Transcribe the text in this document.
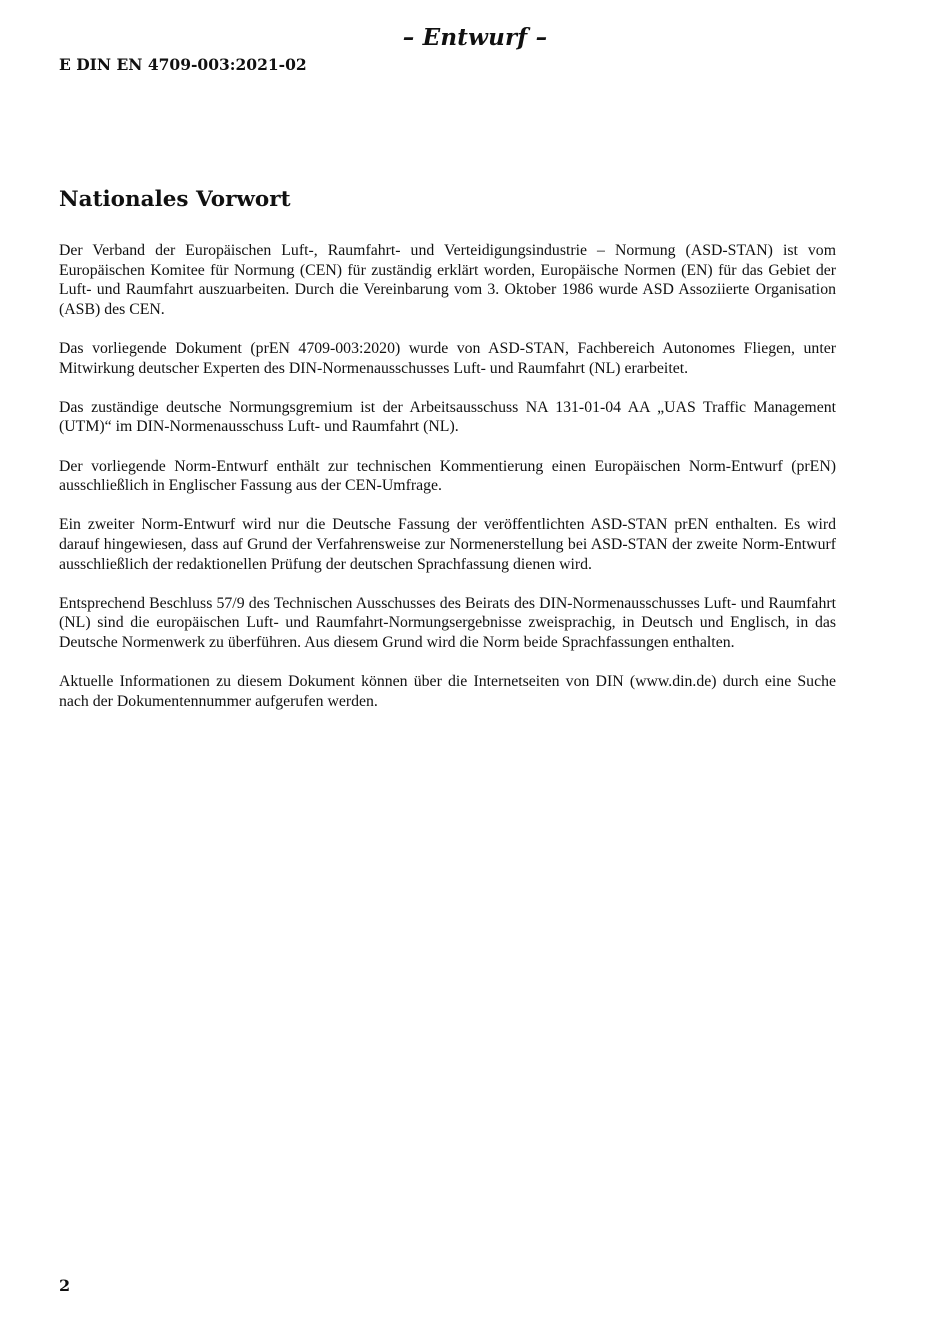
– Entwurf –
E DIN EN 4709-003:2021-02
Nationales Vorwort

Der Verband der Europäischen Luft-, Raumfahrt- und Verteidigungsindustrie – Normung (ASD-STAN) ist vom Europäischen Komitee für Normung (CEN) für zuständig erklärt worden, Europäische Normen (EN) für das Gebiet der Luft- und Raumfahrt auszuarbeiten. Durch die Vereinbarung vom 3. Oktober 1986 wurde ASD Assoziierte Organisation (ASB) des CEN.

Das vorliegende Dokument (prEN 4709-003:2020) wurde von ASD-STAN, Fachbereich Autonomes Fliegen, unter Mitwirkung deutscher Experten des DIN-Normenausschusses Luft- und Raumfahrt (NL) erarbeitet.

Das zuständige deutsche Normungsgremium ist der Arbeitsausschuss NA 131-01-04 AA „UAS Traffic Management (UTM)“ im DIN-Normenausschuss Luft- und Raumfahrt (NL).

Der vorliegende Norm-Entwurf enthält zur technischen Kommentierung einen Europäischen Norm-Entwurf (prEN) ausschließlich in Englischer Fassung aus der CEN-Umfrage.

Ein zweiter Norm-Entwurf wird nur die Deutsche Fassung der veröffentlichten ASD-STAN prEN enthalten. Es wird darauf hingewiesen, dass auf Grund der Verfahrensweise zur Normenerstellung bei ASD-STAN der zweite Norm-Entwurf ausschließlich der redaktionellen Prüfung der deutschen Sprachfassung dienen wird.

Entsprechend Beschluss 57/9 des Technischen Ausschusses des Beirats des DIN-Normenausschusses Luft- und Raumfahrt (NL) sind die europäischen Luft- und Raumfahrt-Normungsergebnisse zweisprachig, in Deutsch und Englisch, in das Deutsche Normenwerk zu überführen. Aus diesem Grund wird die Norm beide Sprachfassungen enthalten.

Aktuelle Informationen zu diesem Dokument können über die Internetseiten von DIN (www.din.de) durch eine Suche nach der Dokumentennummer aufgerufen werden.

2
